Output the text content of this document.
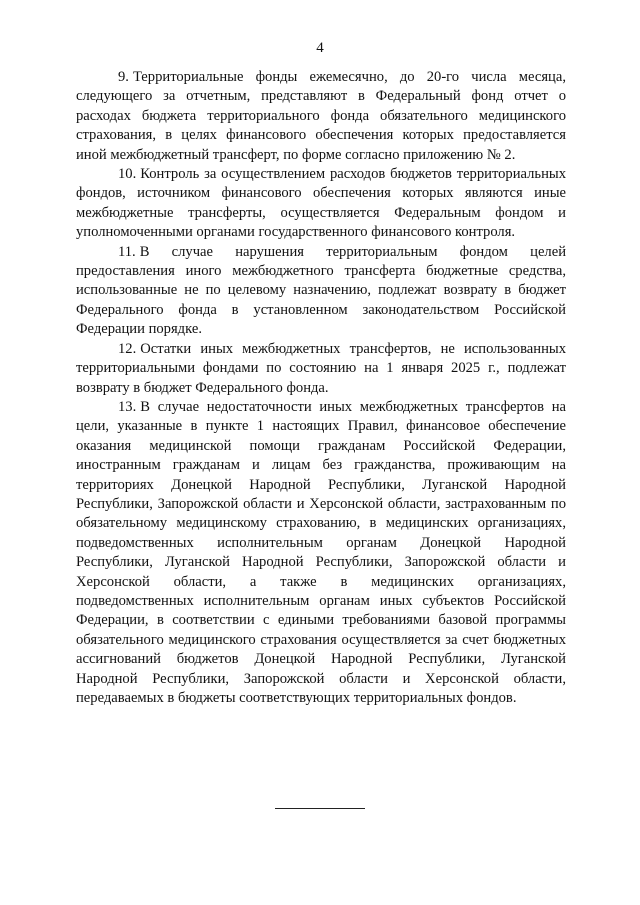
4

9. Территориальные фонды ежемесячно, до 20-го числа месяца, следующего за отчетным, представляют в Федеральный фонд отчет о расходах бюджета территориального фонда обязательного медицинского страхования, в целях финансового обеспечения которых предоставляется иной межбюджетный трансферт, по форме согласно приложению № 2.

10. Контроль за осуществлением расходов бюджетов территориальных фондов, источником финансового обеспечения которых являются иные межбюджетные трансферты, осуществляется Федеральным фондом и уполномоченными органами государственного финансового контроля.

11. В случае нарушения территориальным фондом целей предоставления иного межбюджетного трансферта бюджетные средства, использованные не по целевому назначению, подлежат возврату в бюджет Федерального фонда в установленном законодательством Российской Федерации порядке.

12. Остатки иных межбюджетных трансфертов, не использованных территориальными фондами по состоянию на 1 января 2025 г., подлежат возврату в бюджет Федерального фонда.

13. В случае недостаточности иных межбюджетных трансфертов на цели, указанные в пункте 1 настоящих Правил, финансовое обеспечение оказания медицинской помощи гражданам Российской Федерации, иностранным гражданам и лицам без гражданства, проживающим на территориях Донецкой Народной Республики, Луганской Народной Республики, Запорожской области и Херсонской области, застрахованным по обязательному медицинскому страхованию, в медицинских организациях, подведомственных исполнительным органам Донецкой Народной Республики, Луганской Народной Республики, Запорожской области и Херсонской области, а также в медицинских организациях, подведомственных исполнительным органам иных субъектов Российской Федерации, в соответствии с едиными требованиями базовой программы обязательного медицинского страхования осуществляется за счет бюджетных ассигнований бюджетов Донецкой Народной Республики, Луганской Народной Республики, Запорожской области и Херсонской области, передаваемых в бюджеты соответствующих территориальных фондов.
